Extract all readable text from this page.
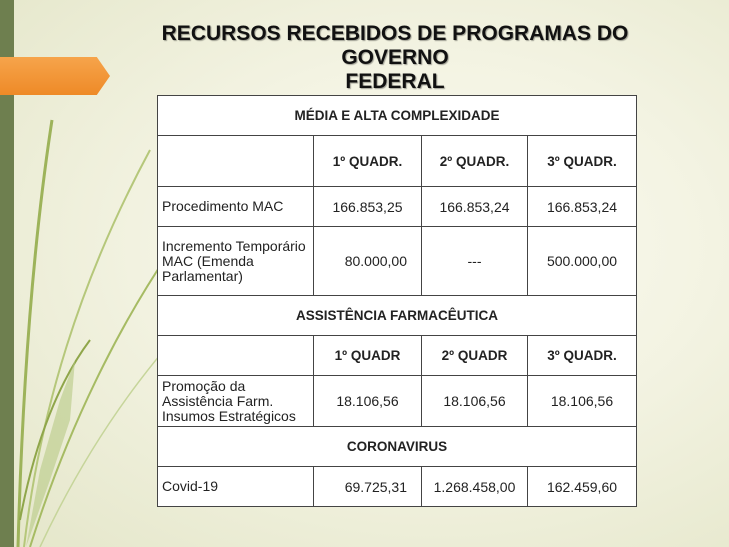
RECURSOS RECEBIDOS DE PROGRAMAS DO GOVERNO
FEDERAL
MÉDIA E ALTA COMPLEXIDADE			
	1º QUADR.	2º QUADR.	3º QUADR.
Procedimento MAC	166.853,25	166.853,24	166.853,24
Incremento Temporário MAC (Emenda Parlamentar)	80.000,00	---	500.000,00
ASSISTÊNCIA FARMACÊUTICA			
	1º QUADR	2º QUADR	3º QUADR.
Promoção da Assistência Farm. Insumos Estratégicos	18.106,56	18.106,56	18.106,56
CORONAVIRUS			
Covid-19	69.725,31	1.268.458,00	162.459,60
